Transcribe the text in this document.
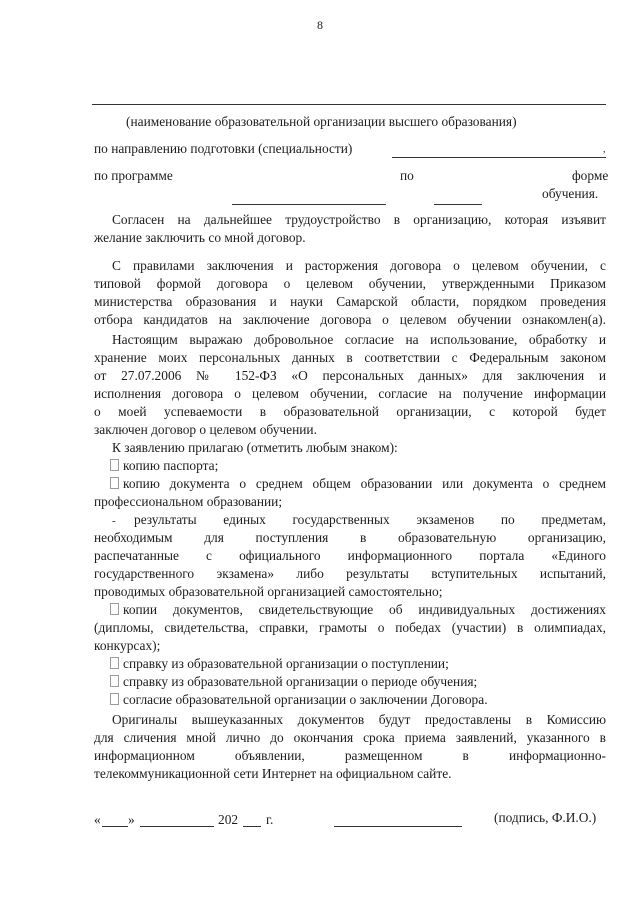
8
(наименование образовательной организации высшего образования)
по направлению подготовки (специальности)	,
по программе	по	форме
обучения.
Согласен на дальнейшее трудоустройство в организацию, которая изъявит
желание заключить со мной договор.
С правилами заключения и расторжения договора о целевом обучении, с
типовой формой договора о целевом обучении, утвержденными Приказом
министерства образования и науки Самарской области, порядком проведения
отбора кандидатов на заключение договора о целевом обучении ознакомлен(а).
Настоящим выражаю добровольное согласие на использование, обработку и
хранение моих персональных данных в соответствии с Федеральным законом
от 27.07.2006 № 152-ФЗ «О персональных данных» для заключения и
исполнения договора о целевом обучении, согласие на получение информации
о моей успеваемости в образовательной организации, с которой будет
заключен договор о целевом обучении.
К заявлению прилагаю (отметить любым знаком):
копию паспорта;
копию документа о среднем общем образовании или документа о среднем
профессиональном образовании;
- результаты единых государственных экзаменов по предметам,
необходимым для поступления в образовательную организацию,
распечатанные с официального информационного портала «Единого
государственного экзамена» либо результаты вступительных испытаний,
проводимых образовательной организацией самостоятельно;
копии документов, свидетельствующие об индивидуальных достижениях
(дипломы, свидетельства, справки, грамоты о победах (участии) в олимпиадах,
конкурсах);
справку из образовательной организации о поступлении;
справку из образовательной организации о периоде обучения;
согласие образовательной организации о заключении Договора.
Оригиналы вышеуказанных документов будут предоставлены в Комиссию
для сличения мной лично до окончания срока приема заявлений, указанного в
информационном объявлении, размещенном в информационно-
телекоммуникационной сети Интернет на официальном сайте.
« »	202 г.	(подпись, Ф.И.О.)
